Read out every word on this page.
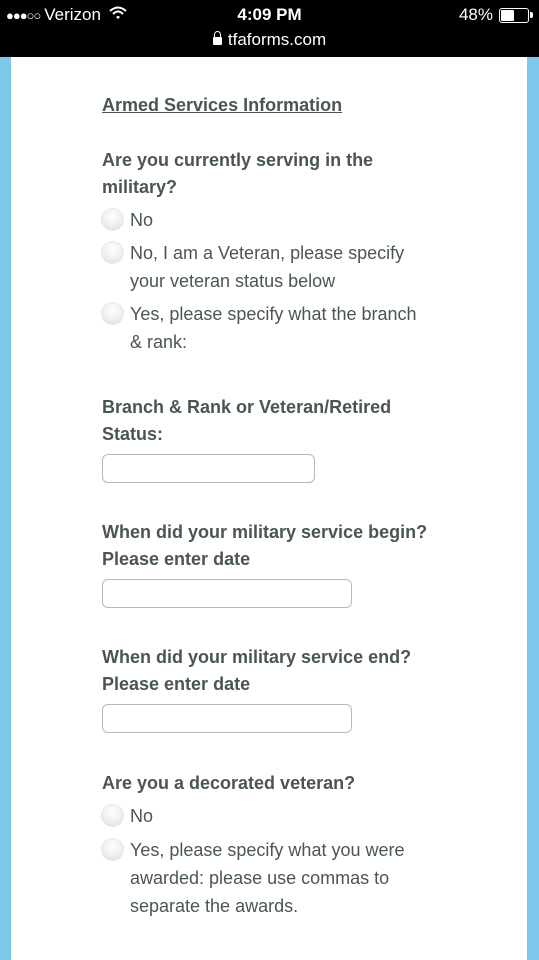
●●●○○ Verizon	4:09 PM	48%
tfaforms.com
Armed Services Information
Are you currently serving in the military?
No
No, I am a Veteran, please specify your veteran status below
Yes, please specify what the branch & rank:
Branch & Rank or Veteran/Retired Status:
When did your military service begin? Please enter date
When did your military service end? Please enter date
Are you a decorated veteran?
No
Yes, please specify what you were awarded: please use commas to separate the awards.
